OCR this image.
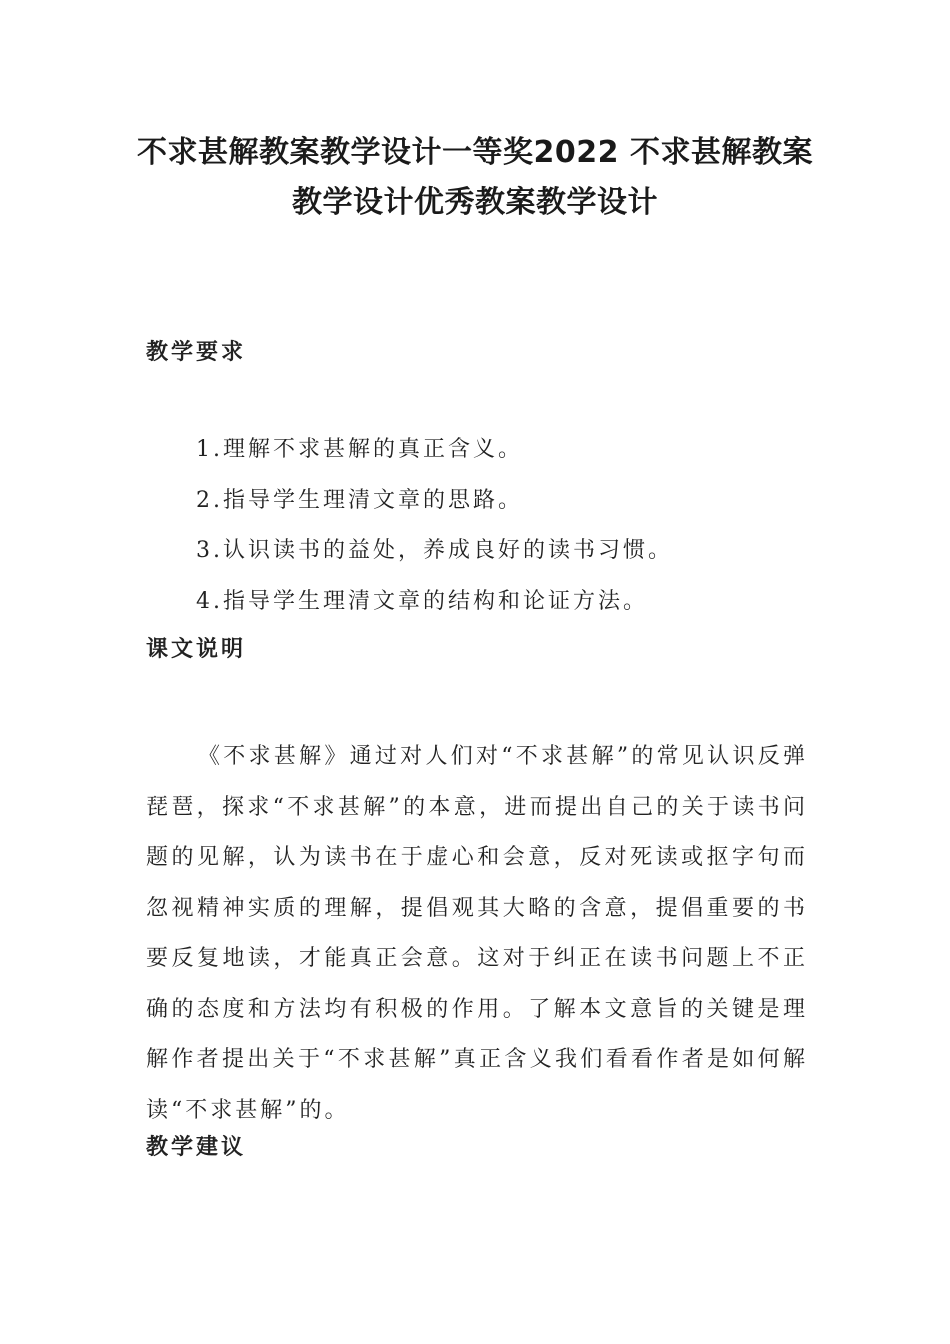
不求甚解教案教学设计一等奖2022 不求甚解教案
教学设计优秀教案教学设计
教学要求
1.理解不求甚解的真正含义。
2.指导学生理清文章的思路。
3.认识读书的益处，养成良好的读书习惯。
4.指导学生理清文章的结构和论证方法。
课文说明

《不求甚解》通过对人们对“不求甚解”的常见认识反弹琵琶，探求“不求甚解”的本意，进而提出自己的关于读书问题的见解，认为读书在于虚心和会意，反对死读或抠字句而忽视精神实质的理解，提倡观其大略的含意，提倡重要的书要反复地读，才能真正会意。这对于纠正在读书问题上不正确的态度和方法均有积极的作用。了解本文意旨的关键是理解作者提出关于“不求甚解”真正含义我们看看作者是如何解读“不求甚解”的。

教学建议
